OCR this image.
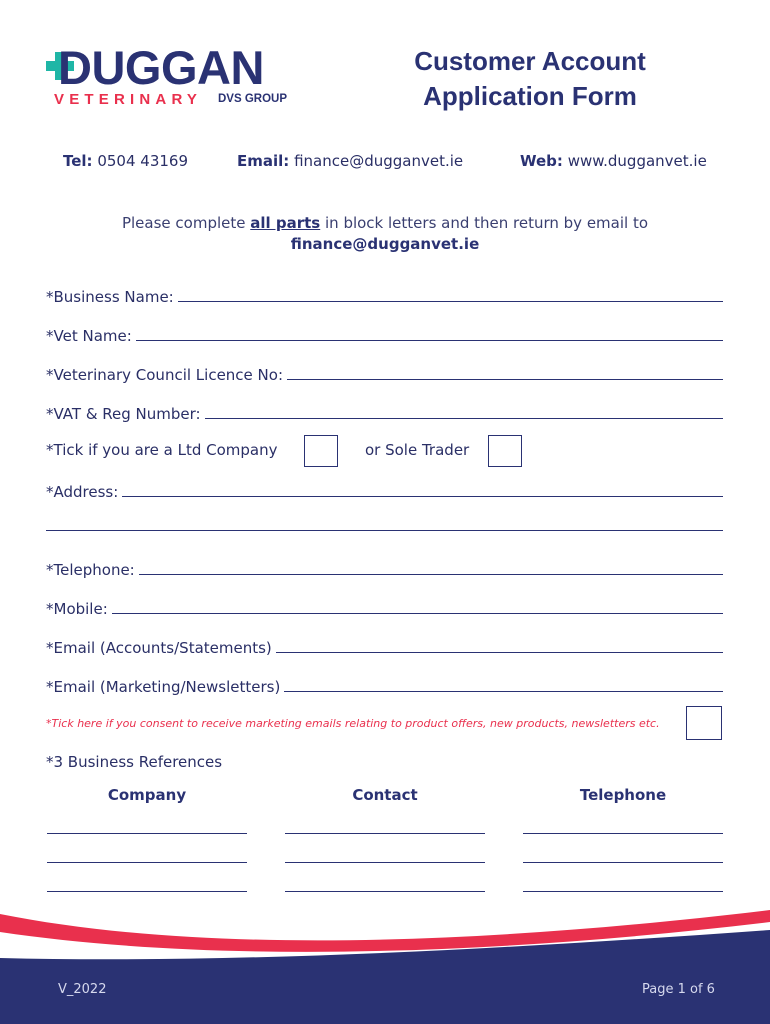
DUGGAN
VETERINARY DVS GROUP
Customer Account
Application Form
Tel: 0504 43169	Email: finance@dugganvet.ie	Web: www.dugganvet.ie
Please complete all parts in block letters and then return by email to
finance@dugganvet.ie
*Business Name:
*Vet Name:
*Veterinary Council Licence No:
*VAT & Reg Number:
*Tick if you are a Ltd Company	or Sole Trader
*Address:
*Telephone:
*Mobile:
*Email (Accounts/Statements)
*Email (Marketing/Newsletters)
*Tick here if you consent to receive marketing emails relating to product offers, new products, newsletters etc.
*3 Business References
Company	Contact	Telephone
V_2022	Page 1 of 6
